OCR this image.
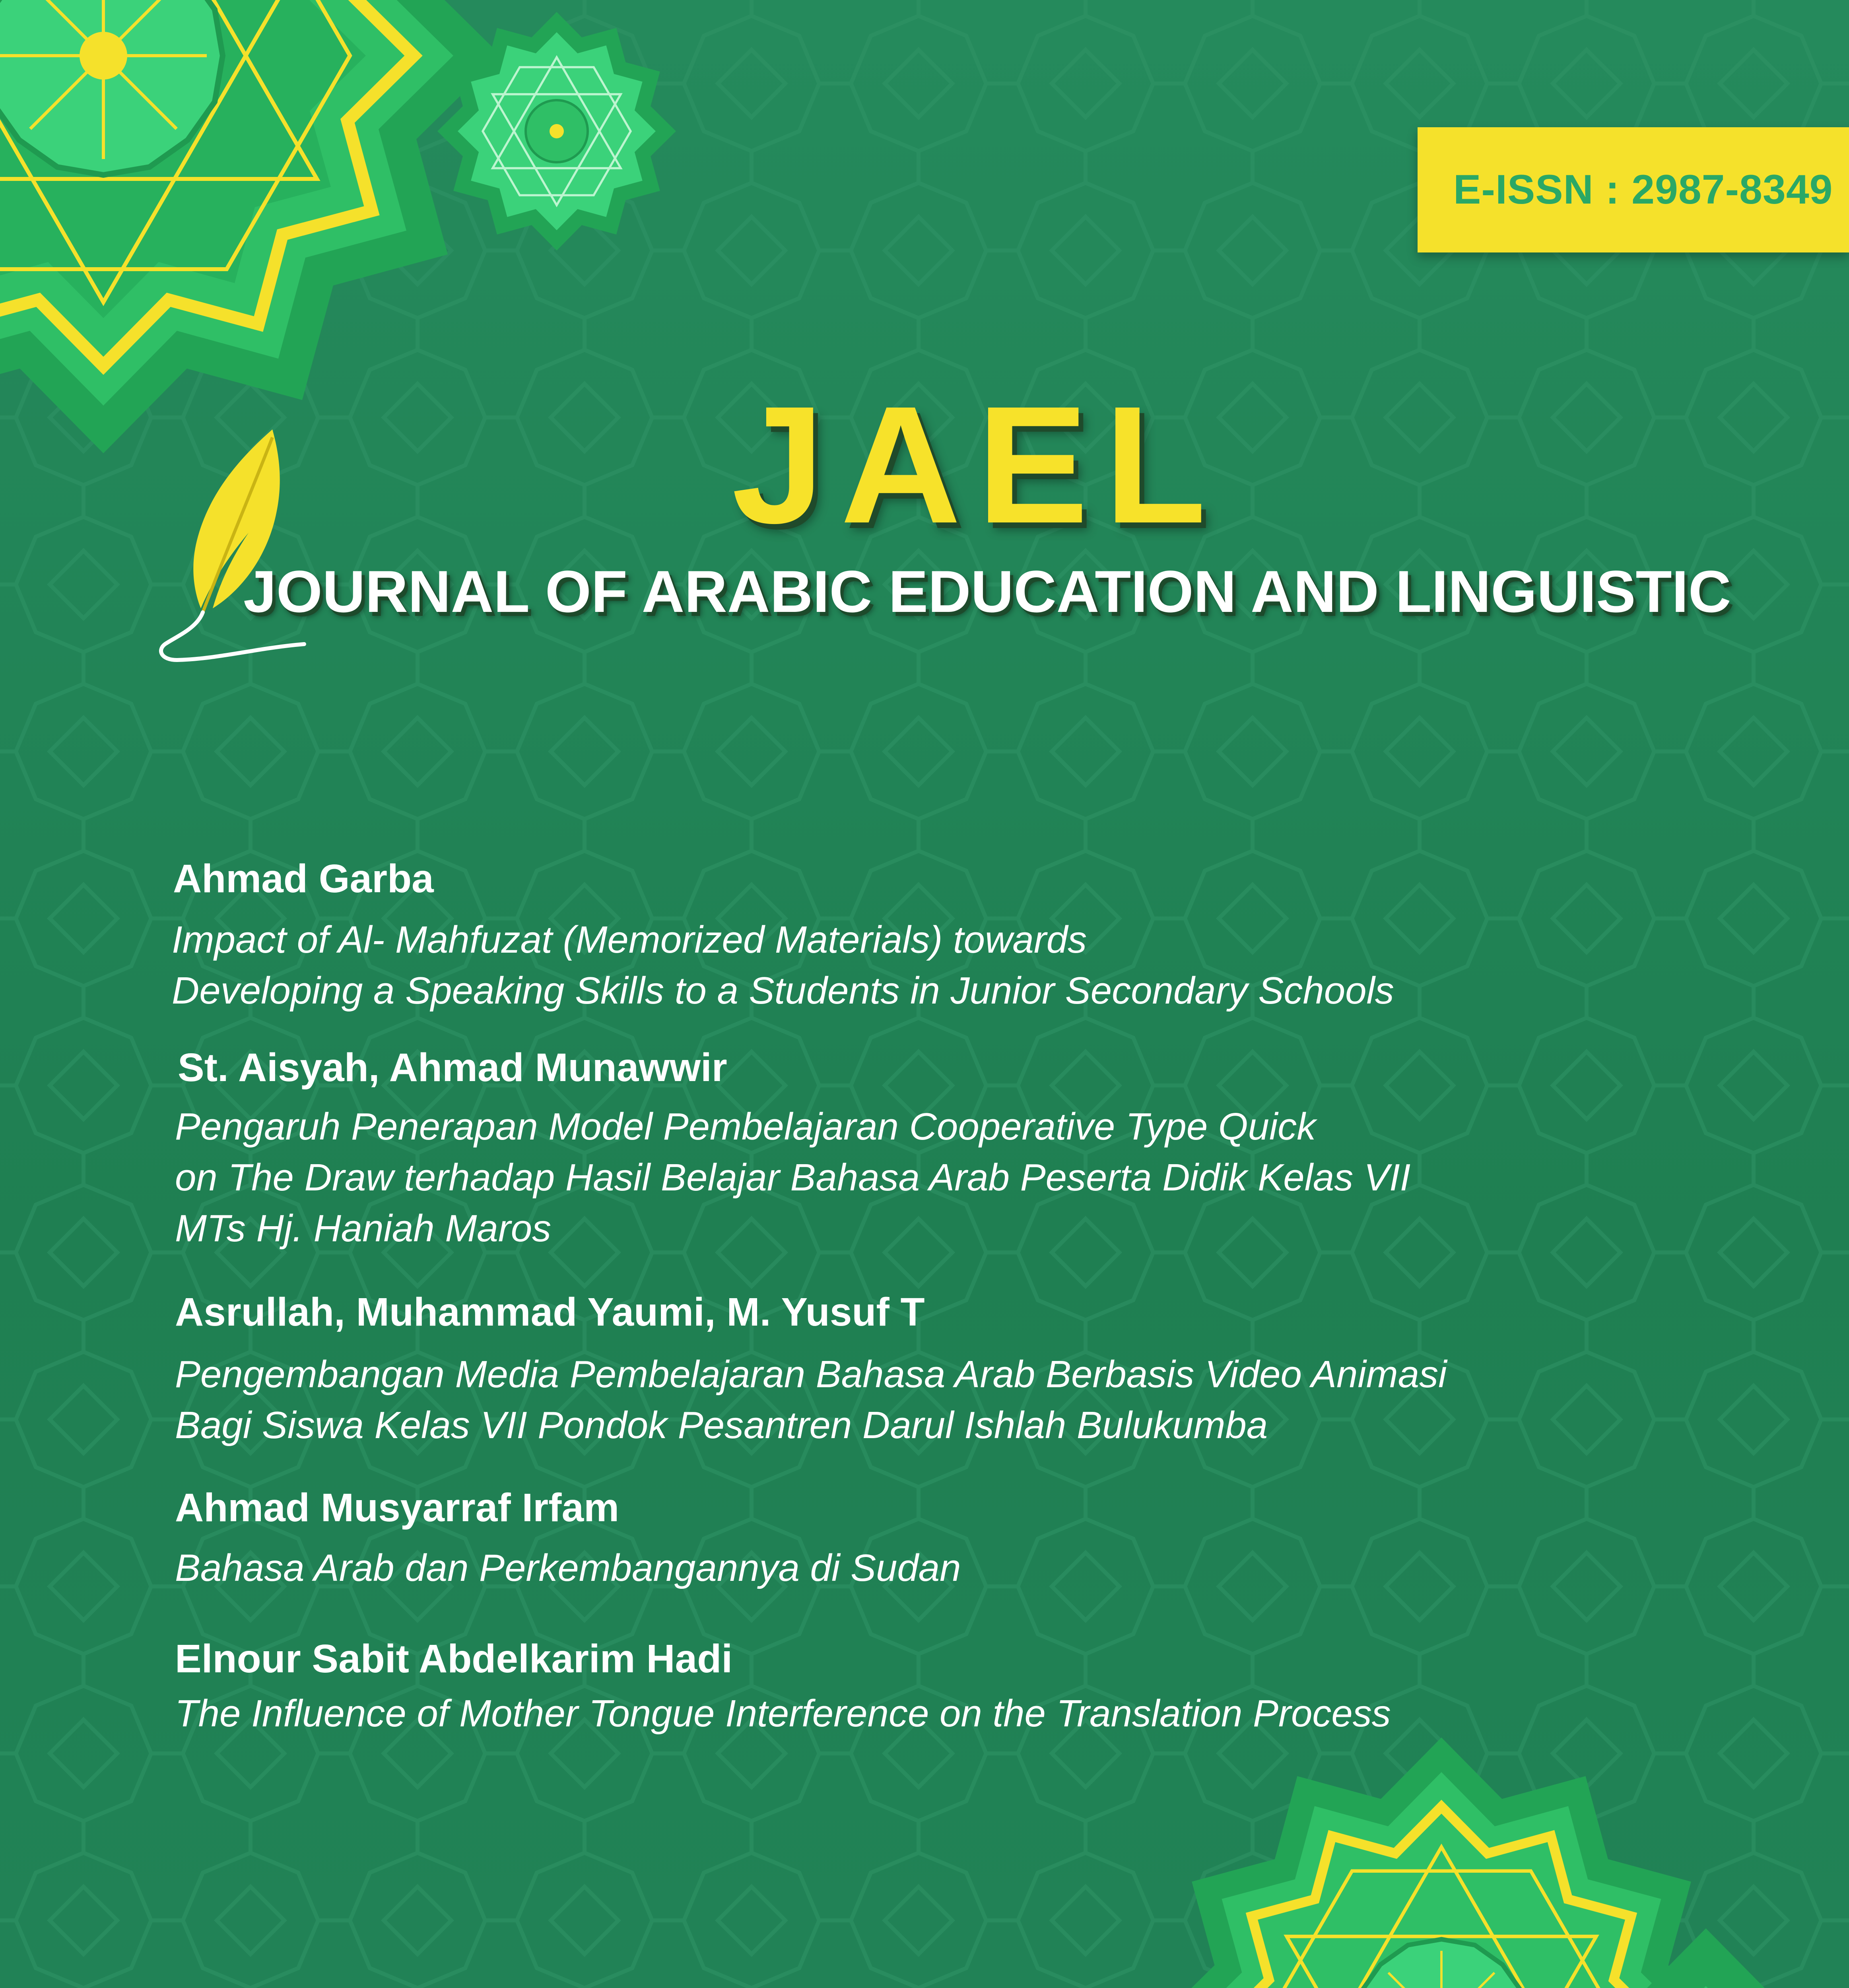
E-ISSN : 2987-8349
JAEL
JOURNAL OF ARABIC EDUCATION AND LINGUISTIC
Ahmad Garba
Impact of Al- Mahfuzat (Memorized Materials) towards
Developing a Speaking Skills to a Students in Junior Secondary Schools
St. Aisyah, Ahmad Munawwir
Pengaruh Penerapan Model Pembelajaran Cooperative Type Quick
on The Draw terhadap Hasil Belajar Bahasa Arab Peserta Didik Kelas VII
MTs Hj. Haniah Maros
Asrullah, Muhammad Yaumi, M. Yusuf T
Pengembangan Media Pembelajaran Bahasa Arab Berbasis Video Animasi
Bagi Siswa Kelas VII Pondok Pesantren Darul Ishlah Bulukumba
Ahmad Musyarraf Irfam
Bahasa Arab dan Perkembangannya di Sudan
Elnour Sabit Abdelkarim Hadi
The Influence of Mother Tongue Interference on the Translation Process
